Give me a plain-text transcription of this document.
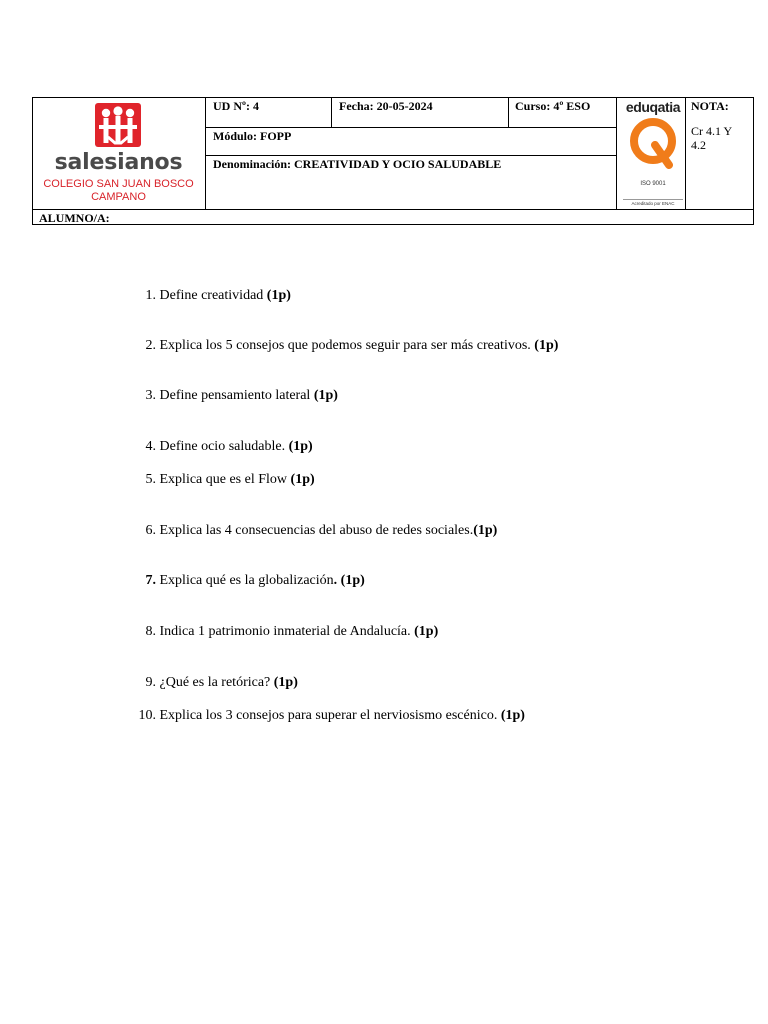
salesianos
COLEGIO SAN JUAN BOSCO
CAMPANO
UD Nº: 4	Fecha: 20-05-2024	Curso: 4º ESO
Módulo: FOPP
Denominación: CREATIVIDAD Y OCIO SALUDABLE
eduqatia
ISO 9001
Acreditado por ENAC
NOTA:
Cr 4.1 Y
4.2
ALUMNO/A:
1. Define creatividad (1p)
2. Explica los 5 consejos que podemos seguir para ser más creativos. (1p)
3. Define pensamiento lateral (1p)
4. Define ocio saludable. (1p)
5. Explica que es el Flow (1p)
6. Explica las 4 consecuencias del abuso de redes sociales.(1p)
7. Explica qué es la globalización. (1p)
8. Indica 1 patrimonio inmaterial de Andalucía. (1p)
9. ¿Qué es la retórica? (1p)
10. Explica los 3 consejos para superar el nerviosismo escénico. (1p)
